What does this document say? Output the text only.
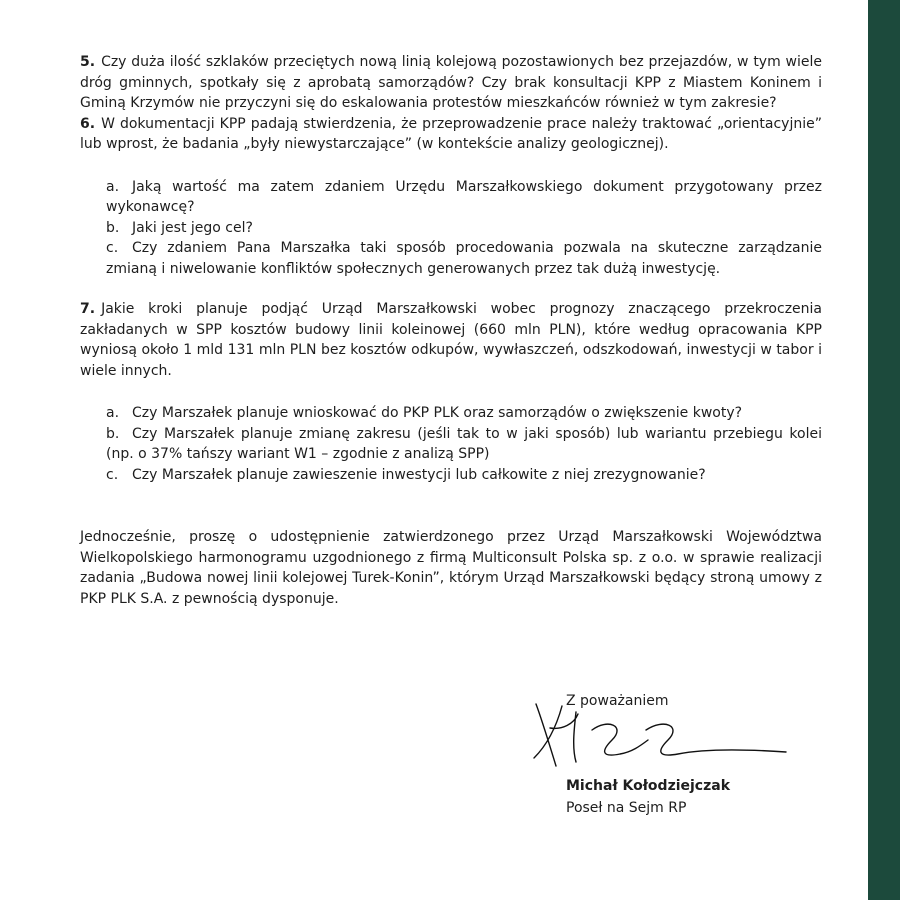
5. Czy duża ilość szklaków przeciętych nową linią kolejową pozostawionych bez przejazdów, w tym wiele dróg gminnych, spotkały się z aprobatą samorządów? Czy brak konsultacji KPP z Miastem Koninem i Gminą Krzymów nie przyczyni się do eskalowania protestów mieszkańców również w tym zakresie?

6. W dokumentacji KPP padają stwierdzenia, że przeprowadzenie prace należy traktować „orientacyjnie” lub wprost, że badania „były niewystarczające” (w kontekście analizy geologicznej).

a. Jaką wartość ma zatem zdaniem Urzędu Marszałkowskiego dokument przygotowany przez wykonawcę?
b. Jaki jest jego cel?
c. Czy zdaniem Pana Marszałka taki sposób procedowania pozwala na skuteczne zarządzanie zmianą i niwelowanie konfliktów społecznych generowanych przez tak dużą inwestycję.

7. Jakie kroki planuje podjąć Urząd Marszałkowski wobec prognozy znaczącego przekroczenia zakładanych w SPP kosztów budowy linii koleinowej (660 mln PLN), które według opracowania KPP wyniosą około 1 mld 131 mln PLN bez kosztów odkupów, wywłaszczeń, odszkodowań, inwestycji w tabor i wiele innych.

a. Czy Marszałek planuje wnioskować do PKP PLK oraz samorządów o zwiększenie kwoty?
b. Czy Marszałek planuje zmianę zakresu (jeśli tak to w jaki sposób) lub wariantu przebiegu kolei (np. o 37% tańszy wariant W1 – zgodnie z analizą SPP)
c. Czy Marszałek planuje zawieszenie inwestycji lub całkowite z niej zrezygnowanie?

Jednocześnie, proszę o udostępnienie zatwierdzonego przez Urząd Marszałkowski Województwa Wielkopolskiego harmonogramu uzgodnionego z firmą Multiconsult Polska sp. z o.o. w sprawie realizacji zadania „Budowa nowej linii kolejowej Turek-Konin”, którym Urząd Marszałkowski będący stroną umowy z PKP PLK S.A. z pewnością dysponuje.

Z poważaniem
Michał Kołodziejczak
Poseł na Sejm RP
